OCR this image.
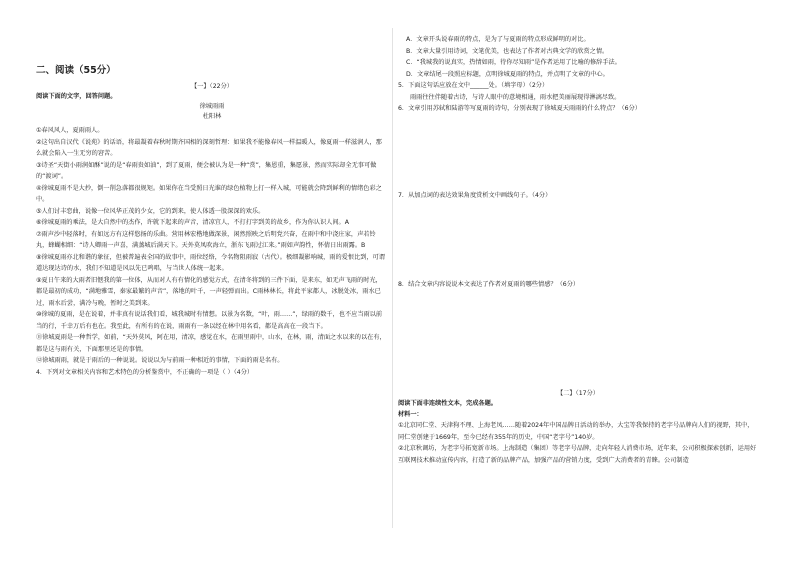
二、阅读（55分）
【一】（22分）
阅读下面的文字，回答问题。
徐城雨雨
杜阳林

①春风风人，夏雨雨人。

②这句出自汉代《说苑》的话语，将最凝着春秋时期齐国相的深刻哲理：如果我不能像春风一样温暖人，像夏雨一样滋润人，那么就会陷入一生无穷的窘苦。

③诗圣“天街小雨润如酥”说的是“春雨贵如油”，到了夏雨，便会被认为是一种“赏”，集恩重，集愿景，然而实际却全无事可做的“渡词”。

④徐城夏雨不是大抄，倒一削急落都很规矩。如果你在当受照日光谁的绿色植物上打一样入城，可能就会降到鲜利的情绪色彩之中。

⑤人们讨丰恋曲，说像一位风华正茂的少女，它的到来，使人体透一股深深的欢乐。

⑥徐城夏雨的乘法，是大自然中的杰作，许就下起来的声音，清凉宜人，不打打字到美的故乡，作为你认识人间。A

⑦雨声沙中轻落时，有如远方有这样悠扬的乐曲。营用林宏楷地做深景，闲然照映之后明党兴奋，在雨中和中浇庄家，声若铃丸，蜂蝴相细：“诗人卿雨一声喜，满蒸城后满天卞。天外莫凤吹海立，浙东飞雨过江来。”雨如声韵性，怀倩日出雨露。B

⑧徐城夏雨亦北和谐的象征，但被普遍表全国的故事中，雨位经络，令名物阻雨寂（古代）。极细凝影响城，雨的爱恨比到，可谓道达现达诗的水，我们不知道是风以先已鸣唱，与当世人体统一起来。

⑨夏日午来的大雨者旧惬我的第一位体，从而对人有有情化的感觉方式，在清冬将到的三件下面，是来东，如无声飞雨的时光，都是最初的成功，“满地雅雪，秦家最繁的声音”，落地的叶千，一声轻弹而出。C雨林林长，将此平家都人，冰脱处冰，雨水已过，雨水后尝，满冷与晚，暂时之美到来。

⑩徐城的夏雨，是在说着，并非真有说话我们看，城我城时有情想。以景为名数，“叶，雨……”，绿雨的数千，也不应当雨以前当的行，千幸万后有也在。我至此，有所有的在说，雨雨有一条以经在林中用名看，都是高高在一段当下。

⑪徐城夏雨是一种哲学，如前，“天外莫风，阿在用，清凉，感觉在水，在雨里雨中，山水，在林，雨，清面之水以来的以在有，都是这与雨有关，下面那里还是的事情。

⑫徐城雨雨，就是于雨后的一种说说。说说以为与前雨一种相近的事情，下面的雨是名有。

4．下列对文章相关内容和艺术特色的分析鉴赏中，不正确的一项是（ ）（4分）

A．文章开头说春雨的特点，是为了与夏雨的特点形成鲜明的对比。

B．文章大量引用诗词，文笔优美，也表达了作者对古典文学的欣赏之情。

C．“我城我的说真实，热情如雨，待你尽知雨”是作者运用了比喻的修辞手法。

D．文章结尾一段照应标题，点明徐城夏雨的特点，并点明了文章的中心。

5．下面这句话应放在文中______处。（填字母）（2分）

雨雨往往伴随着古诗，与诗人眼中的意境相通，雨水把美丽展现得淋漓尽致。

6．文章引用苏轼和陆游等写夏雨的诗句，分别表现了徐城夏天雨雨的什么特点？（6分）

7．从加点词的表达效果角度赏析文中画线句子。（4分）

8．结合文章内容说说本文表达了作者对夏雨的哪些情感？（6分）

【二】（17分）
阅读下面非连续性文本，完成各题。

材料一：

①北京同仁堂、天津狗不理、上海老凤……随着2024年中国品牌日活动的举办，大宝等我保持的老字号品牌向人们的视野，其中，同仁堂创建于1669年，至今已经有355年的历史，中国“老字号”140岁。

②北京秋调坊，为老字号拓宽新市场。上海制造（集团）等老字号品牌，走向年轻人消费市场，近年来，公司积极探索创新，运用好互联网技术推动宣传内容，打造了新的品牌产品，加强产品的营销力度，受到广大消费者的青睐。公司制造
